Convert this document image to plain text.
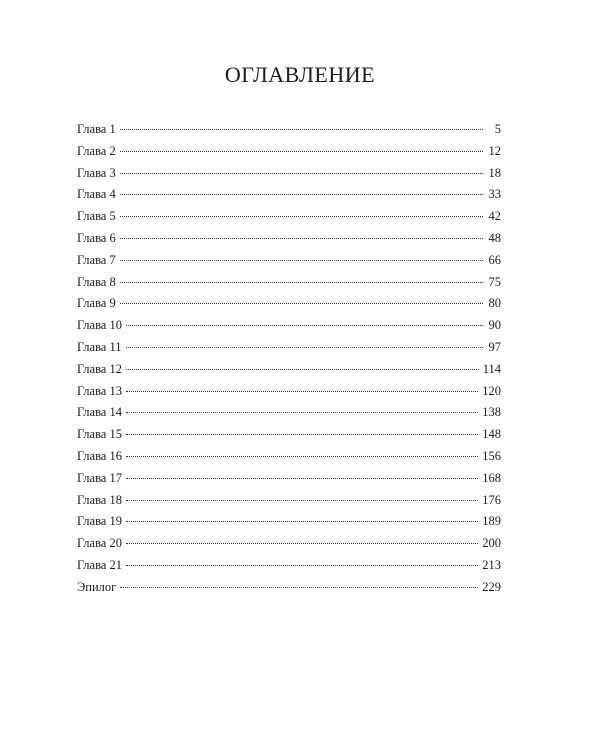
ОГЛАВЛЕНИЕ
Глава 1	5
Глава 2	12
Глава 3	18
Глава 4	33
Глава 5	42
Глава 6	48
Глава 7	66
Глава 8	75
Глава 9	80
Глава 10	90
Глава 11	97
Глава 12	114
Глава 13	120
Глава 14	138
Глава 15	148
Глава 16	156
Глава 17	168
Глава 18	176
Глава 19	189
Глава 20	200
Глава 21	213
Эпилог	229
